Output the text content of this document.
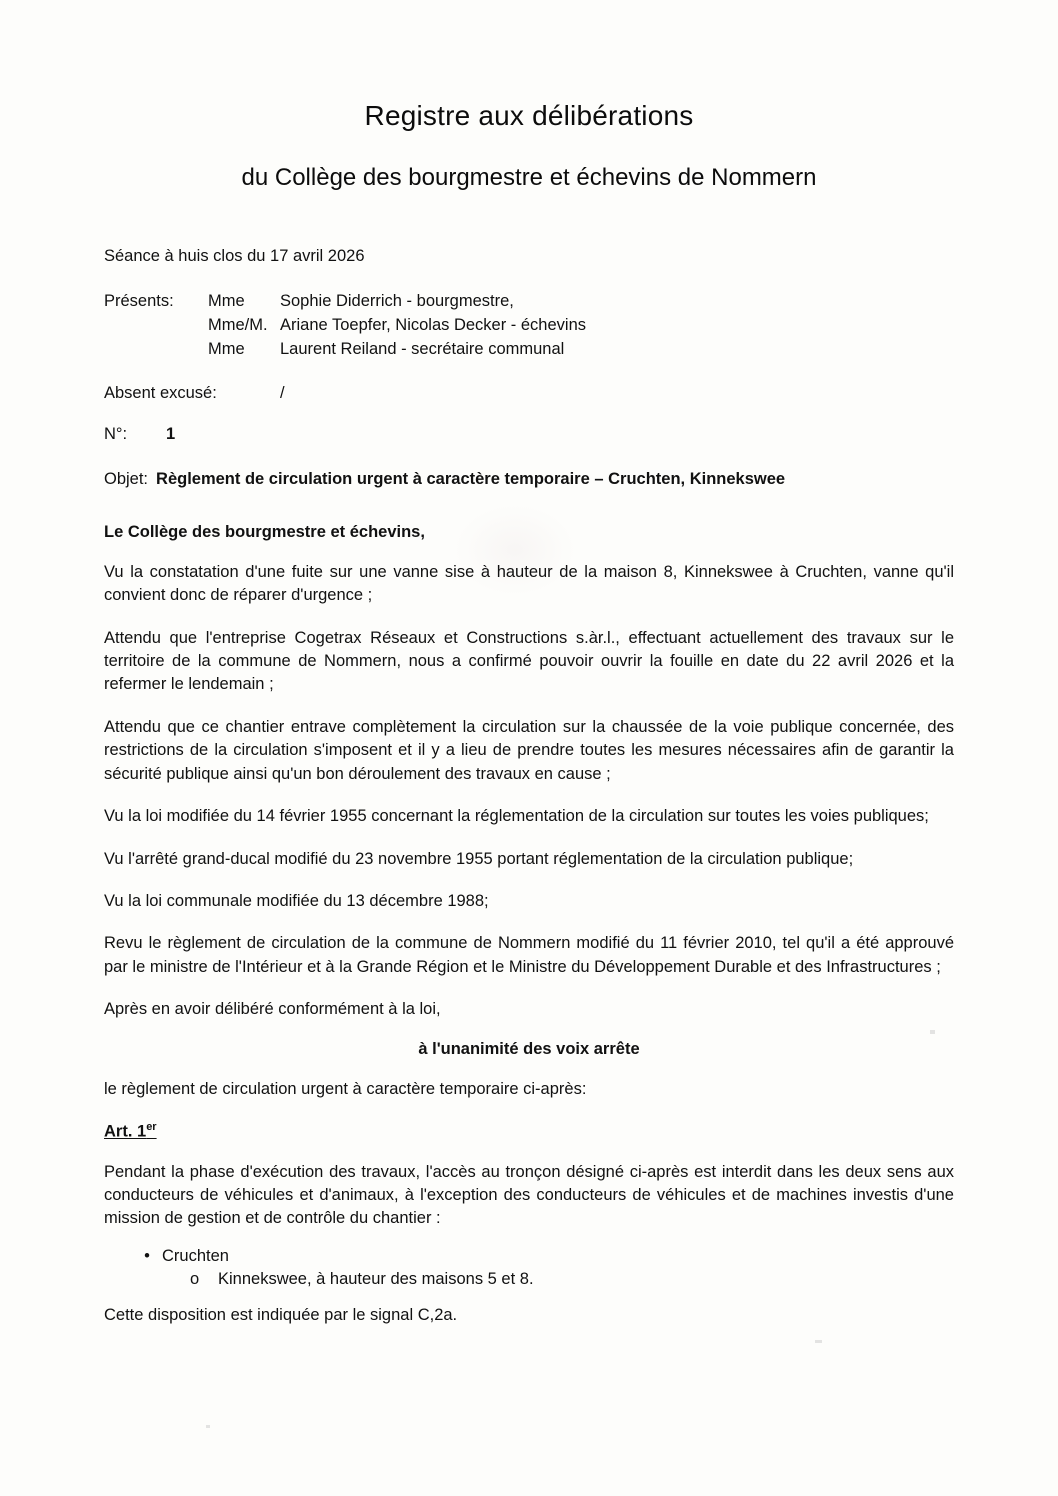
Registre aux délibérations
du Collège des bourgmestre et échevins de Nommern
Séance à huis clos du 17 avril 2026
Présents:	Mme	Sophie Diderrich - bourgmestre,
Mme/M. Ariane Toepfer, Nicolas Decker - échevins
Mme	Laurent Reiland - secrétaire communal
Absent excusé:	/
N°:	1
Objet: Règlement de circulation urgent à caractère temporaire – Cruchten, Kinnekswee
Le Collège des bourgmestre et échevins,
Vu la constatation d'une fuite sur une vanne sise à hauteur de la maison 8, Kinnekswee à Cruchten, vanne qu'il convient donc de réparer d'urgence ;
Attendu que l'entreprise Cogetrax Réseaux et Constructions s.àr.l., effectuant actuellement des travaux sur le territoire de la commune de Nommern, nous a confirmé pouvoir ouvrir la fouille en date du 22 avril 2026 et la refermer le lendemain ;
Attendu que ce chantier entrave complètement la circulation sur la chaussée de la voie publique concernée, des restrictions de la circulation s'imposent et il y a lieu de prendre toutes les mesures nécessaires afin de garantir la sécurité publique ainsi qu'un bon déroulement des travaux en cause ;
Vu la loi modifiée du 14 février 1955 concernant la réglementation de la circulation sur toutes les voies publiques;
Vu l'arrêté grand-ducal modifié du 23 novembre 1955 portant réglementation de la circulation publique;
Vu la loi communale modifiée du 13 décembre 1988;
Revu le règlement de circulation de la commune de Nommern modifié du 11 février 2010, tel qu'il a été approuvé par le ministre de l'Intérieur et à la Grande Région et le Ministre du Développement Durable et des Infrastructures ;
Après en avoir délibéré conformément à la loi,
à l'unanimité des voix arrête
le règlement de circulation urgent à caractère temporaire ci-après:
Art. 1er
Pendant la phase d'exécution des travaux, l'accès au tronçon désigné ci-après est interdit dans les deux sens aux conducteurs de véhicules et d'animaux, à l'exception des conducteurs de véhicules et de machines investis d'une mission de gestion et de contrôle du chantier :
• Cruchten
o	Kinnekswee, à hauteur des maisons 5 et 8.
Cette disposition est indiquée par le signal C,2a.
